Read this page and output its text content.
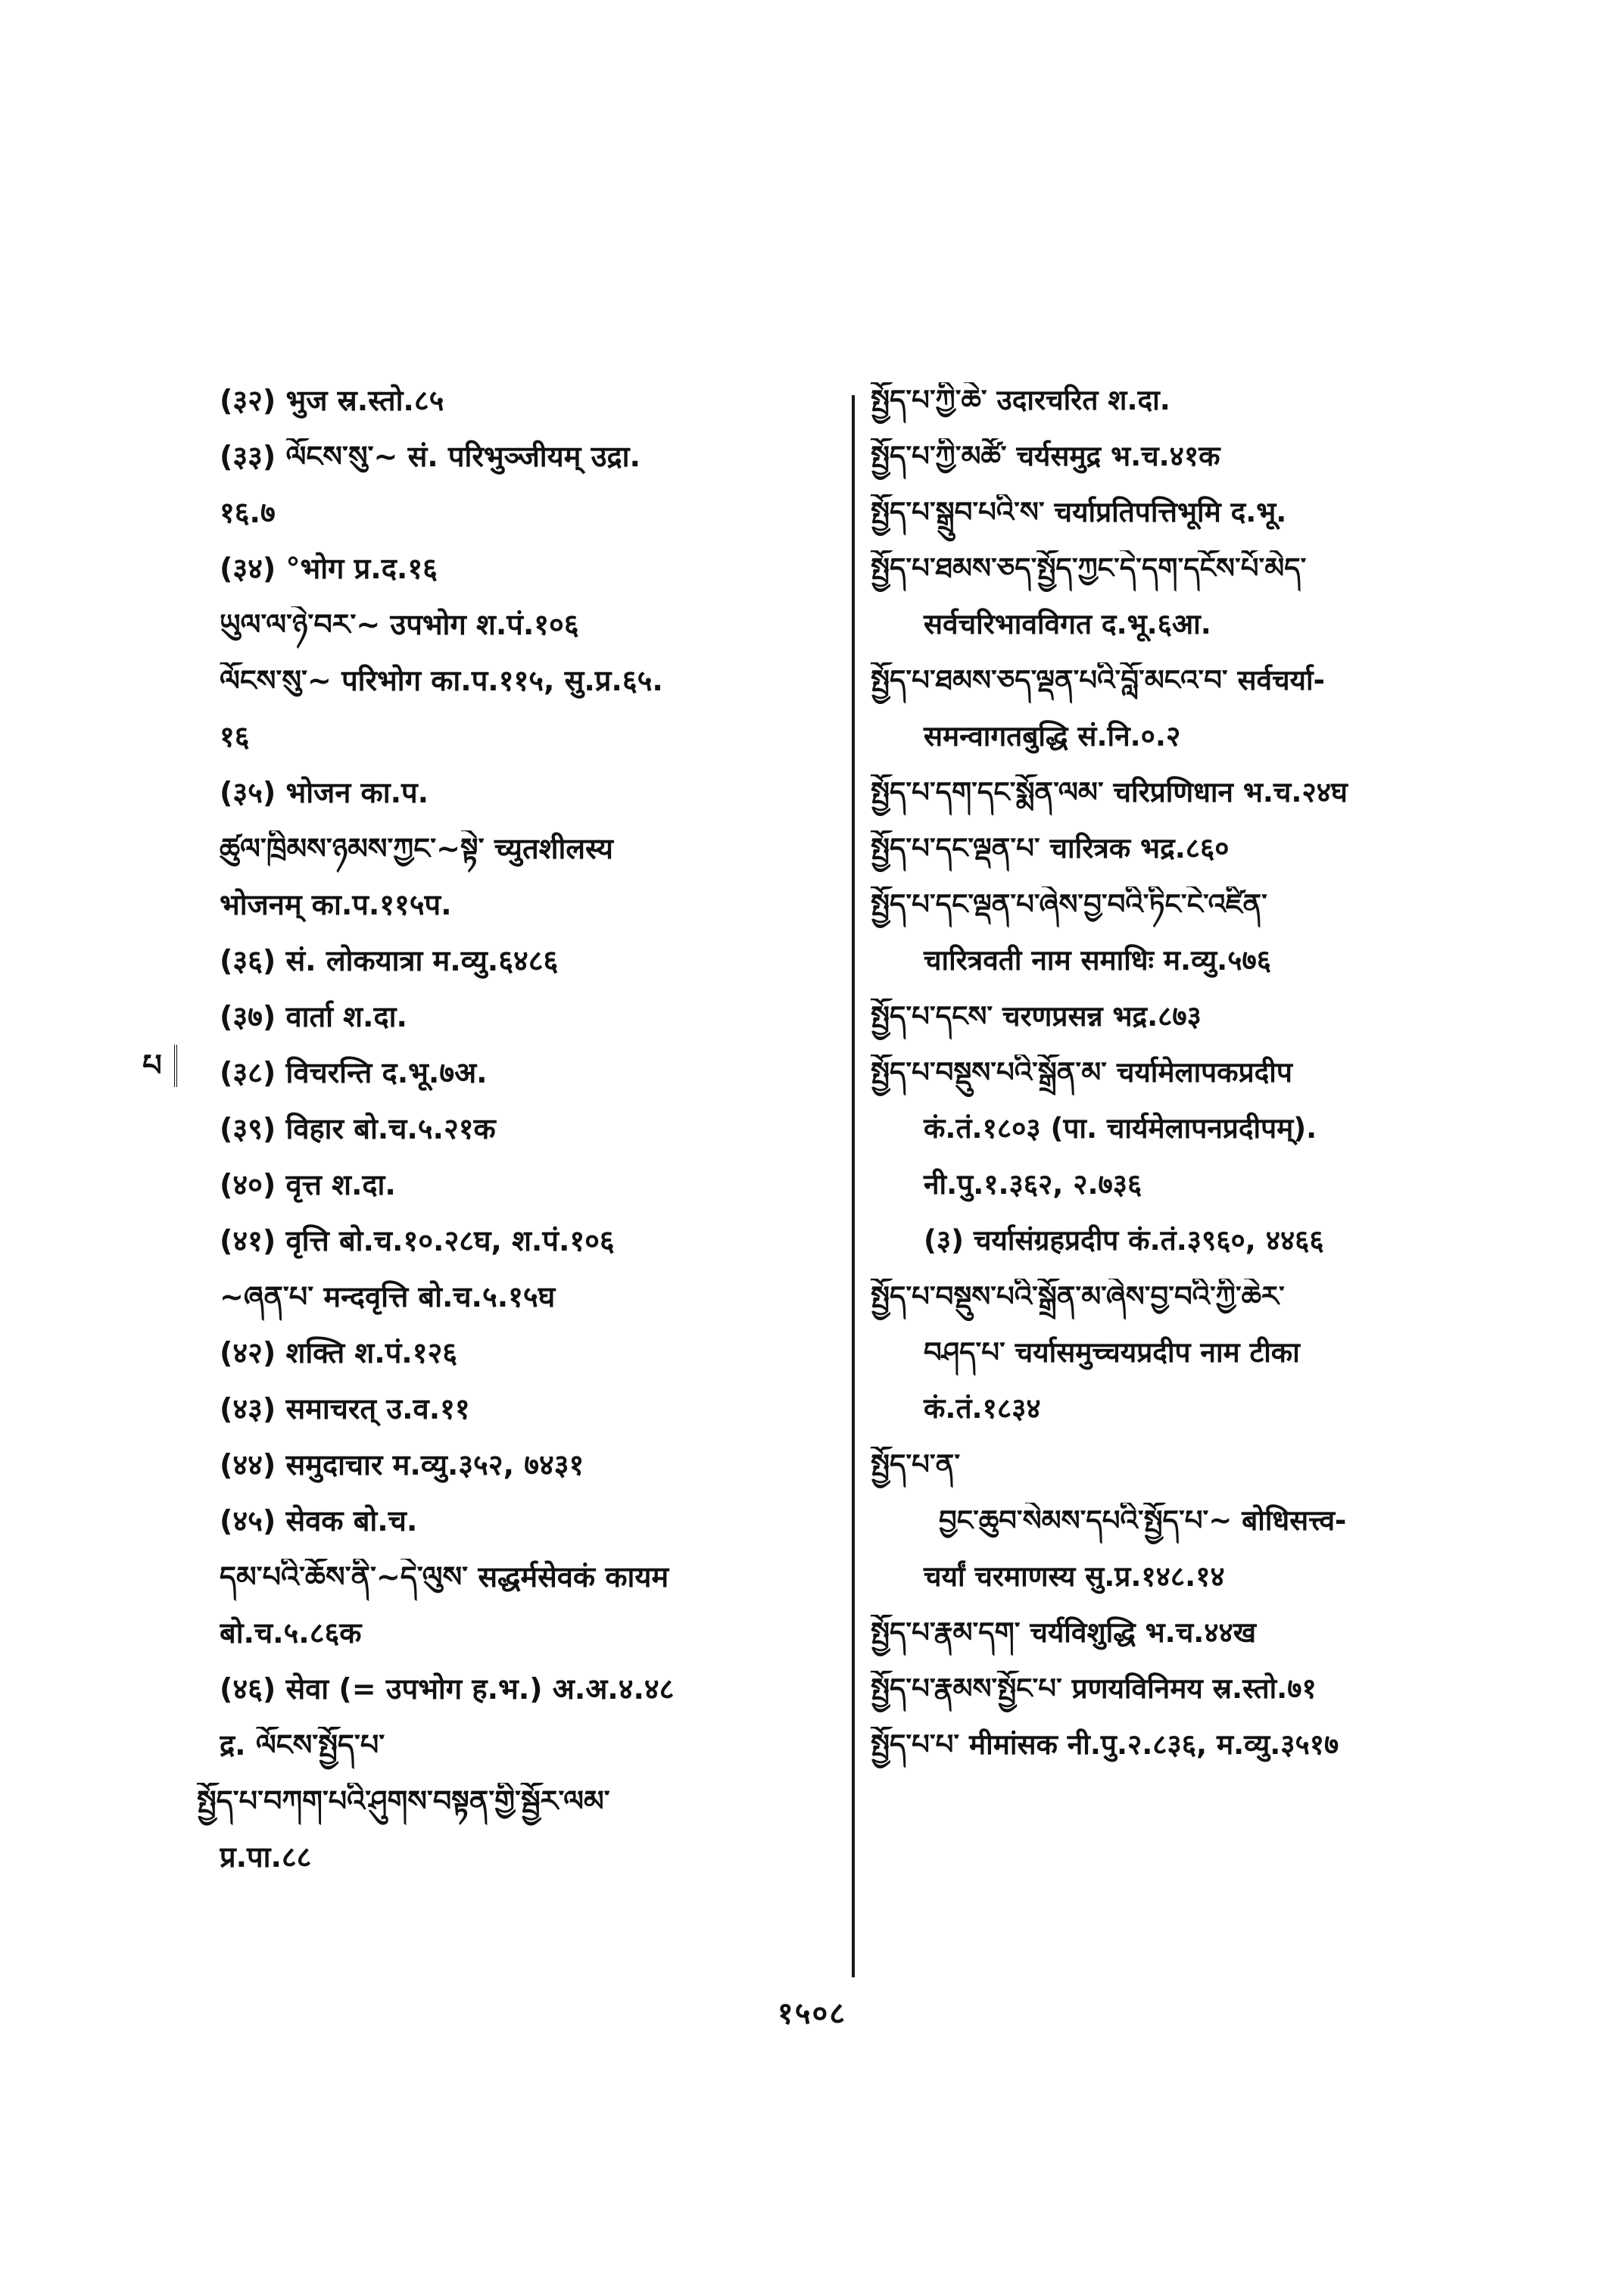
པ
(३२) भुज स्र.स्तो.८५
(३३) ལོངས་སུ་~ सं. परिभुञ्जीयम् उद्रा.
१६.७
(३४) °भोग प्र.द.१६
ཡུལ་ལ་ཉེ་བར་~ उपभोग श.पं.१०६
ལོངས་སུ་~ परिभोग का.प.११५, सु.प्र.६५.
१६
(३५) भोजन का.प.
ཚུལ་ཁྲིམས་ཉམས་ཀྱང་~སྟེ་ च्युतशीलस्य
भोजनम् का.प.११५प.
(३६) सं. लोकयात्रा म.व्यु.६४८६
(३७) वार्ता श.दा.
(३८) विचरन्ति द.भू.७अ.
(३९) विहार बो.च.५.२१क
(४०) वृत्त श.दा.
(४१) वृत्ति बो.च.१०.२८घ, श.पं.१०६
~ཞན་པ་ मन्दवृत्ति बो.च.५.१५घ
(४२) शक्ति श.पं.१२६
(४३) समाचरत् उ.व.११
(४४) समुदाचार म.व्यु.३५२, ७४३१
(४५) सेवक बो.च.
དམ་པའི་ཆོས་ནི་~དེ་ལུས་ सद्धर्मसेवकं कायम
बो.च.५.८६क
(४६) सेवा (= उपभोग ह.भ.) अ.अ.४.४८
द्र. ལོངས་སྤྱོད་པ་
སྤྱོད་པ་བཀག་པའི་ཤུགས་བསྟན་གྱི་སྦྱོར་ལམ་
प्र.पा.८८
སྤྱོད་པ་ཀྱི་ཆེ་ उदारचरित श.दा.
སྤྱོད་པ་ཀྱི་མཚོ་ चर्यसमुद्र भ.च.४१क
སྤྱོད་པ་སྒྲུབ་པའི་ས་ चर्याप्रतिपत्तिभूमि द.भू.
སྤྱོད་པ་ཐམས་ཅད་སྤྱོད་ཀྱང་དེ་དག་དངོས་པོ་མེད་
सर्वचरिभावविगत द.भू.६आ.
སྤྱོད་པ་ཐམས་ཅད་ལྡན་པའི་བློ་མངའ་བ་ सर्वचर्या-
समन्वागतबुद्धि सं.नि.०.२
སྤྱོད་པ་དག་དང་སྨོན་ལམ་ चरिप्रणिधान भ.च.२४घ
སྤྱོད་པ་དང་ལྡན་པ་ चारित्रक भद्र.८६०
སྤྱོད་པ་དང་ལྡན་པ་ཞེས་བྱ་བའི་ཏིང་ངེ་འཛིན་
चारित्रवती नाम समाधिः म.व्यु.५७६
སྤྱོད་པ་དངས་ चरणप्रसन्न भद्र.८७३
སྤྱོད་པ་བསྡུས་པའི་སྒྲོན་མ་ चर्यामेलापकप्रदीप
कं.तं.१८०३ (पा. चार्यमेलापनप्रदीपम्).
नी.पु.१.३६२, २.७३६
(३) चर्यासंग्रहप्रदीप कं.तं.३९६०, ४४६६
སྤྱོད་པ་བསྡུས་པའི་སྒྲོན་མ་ཞེས་བྱ་བའི་ཀྱི་ཆེར་
བཤད་པ་ चर्यासमुच्चयप्रदीप नाम टीका
कं.तं.१८३४
སྤྱོད་པ་ན་
བྱང་ཆུབ་སེམས་དཔའི་སྤྱོད་པ་~ बोधिसत्त्व-
चर्यां चरमाणस्य सु.प्र.१४८.१४
སྤྱོད་པ་རྣམ་དག་ चर्यविशुद्धि भ.च.४४ख
སྤྱོད་པ་རྣམས་སྤྱོང་པ་ प्रणयविनिमय स्र.स्तो.७१
སྤྱོད་པ་པ་ मीमांसक नी.पु.२.८३६, म.व्यु.३५१७
१५०८
